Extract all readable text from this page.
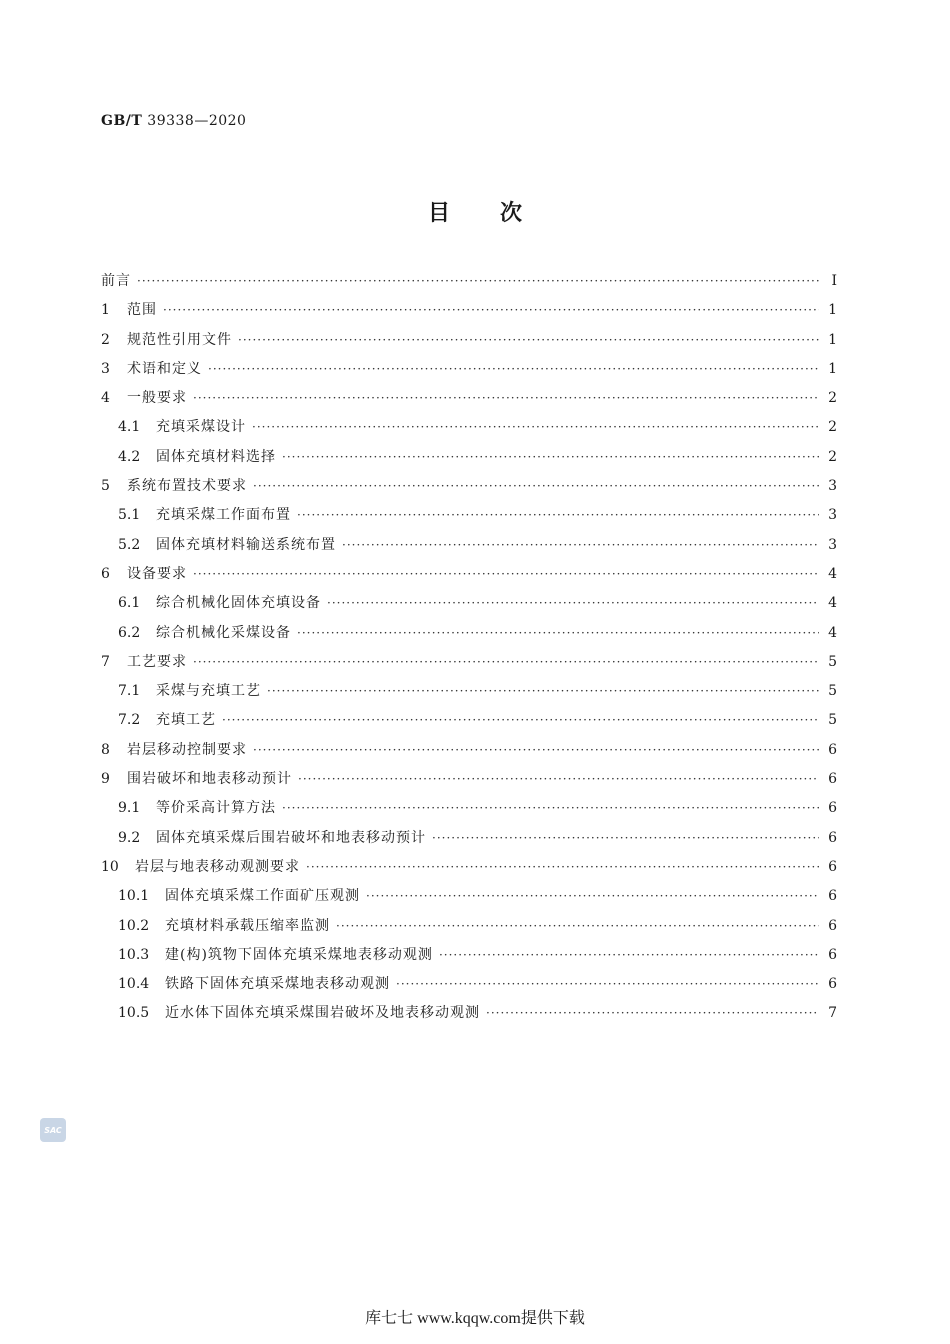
GB/T 39338—2020
目次
前言 ·····	I
1	范围 ·····	1
2	规范性引用文件 ·····	1
3	术语和定义 ·····	1
4	一般要求 ·····	2
4.1	充填采煤设计 ·····	2
4.2	固体充填材料选择 ·····	2
5	系统布置技术要求 ·····	3
5.1	充填采煤工作面布置 ·····	3
5.2	固体充填材料输送系统布置 ·····	3
6	设备要求 ·····	4
6.1	综合机械化固体充填设备 ·····	4
6.2	综合机械化采煤设备 ·····	4
7	工艺要求 ·····	5
7.1	采煤与充填工艺 ·····	5
7.2	充填工艺 ·····	5
8	岩层移动控制要求 ·····	6
9	围岩破坏和地表移动预计 ·····	6
9.1	等价采高计算方法 ·····	6
9.2	固体充填采煤后围岩破坏和地表移动预计 ·····	6
10	岩层与地表移动观测要求 ·····	6
10.1	固体充填采煤工作面矿压观测 ·····	6
10.2	充填材料承载压缩率监测 ·····	6
10.3	建(构)筑物下固体充填采煤地表移动观测 ·····	6
10.4	铁路下固体充填采煤地表移动观测 ·····	6
10.5	近水体下固体充填采煤围岩破坏及地表移动观测 ·····	7
SAC
库七七 www.kqqw.com提供下载
